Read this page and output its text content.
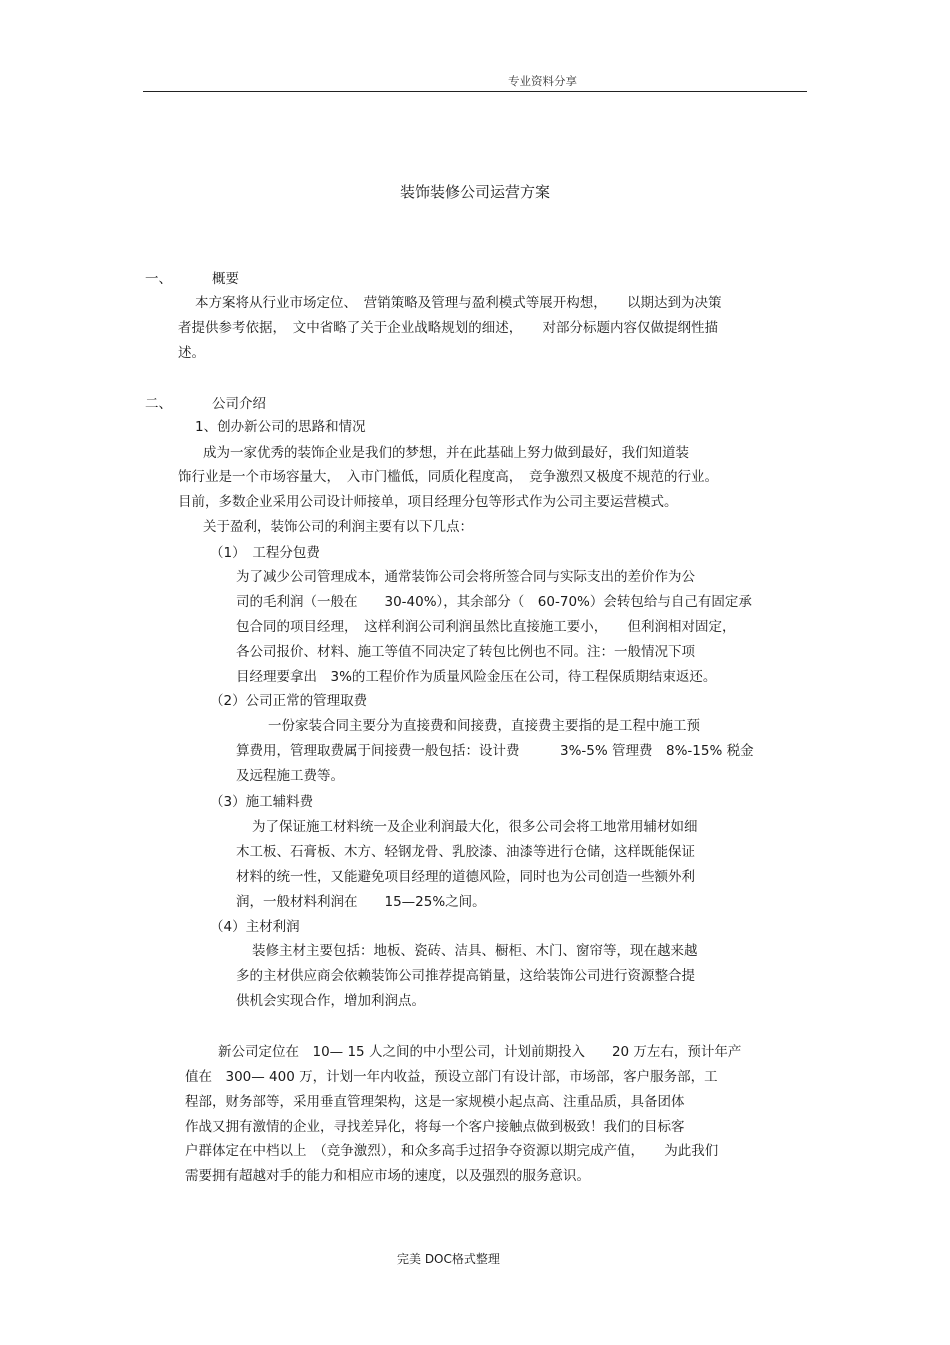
专业资料分享
装饰装修公司运营方案
一、	概要
本方案将从行业市场定位、　营销策略及管理与盈利模式等展开构想，　　以期达到为决策
者提供参考依据，　文中省略了关于企业战略规划的细述，　　对部分标题内容仅做提纲性描
述。
二、	公司介绍
1、创办新公司的思路和情况
成为一家优秀的装饰企业是我们的梦想，并在此基础上努力做到最好，我们知道装
饰行业是一个市场容量大，　入市门槛低，同质化程度高，　竞争激烈又极度不规范的行业。
目前，多数企业采用公司设计师接单，项目经理分包等形式作为公司主要运营模式。
关于盈利，装饰公司的利润主要有以下几点：
（1）　工程分包费
为了减少公司管理成本，通常装饰公司会将所签合同与实际支出的差价作为公
司的毛利润（一般在　　30-40%），其余部分（　60-70%）会转包给与自己有固定承
包合同的项目经理，　这样利润公司利润虽然比直接施工要小，　　但利润相对固定，
各公司报价、材料、施工等值不同决定了转包比例也不同。注：一般情况下项
目经理要拿出　3%的工程价作为质量风险金压在公司，待工程保质期结束返还。
（2）公司正常的管理取费
一份家装合同主要分为直接费和间接费，直接费主要指的是工程中施工预
算费用，管理取费属于间接费一般包括：设计费　　　3%-5% 管理费　8%-15% 税金
及远程施工费等。
（3）施工辅料费
为了保证施工材料统一及企业利润最大化，很多公司会将工地常用辅材如细
木工板、石膏板、木方、轻钢龙骨、乳胶漆、油漆等进行仓储，这样既能保证
材料的统一性，又能避免项目经理的道德风险，同时也为公司创造一些额外利
润，一般材料利润在　　15—25%之间。
（4）主材利润
装修主材主要包括：地板、瓷砖、洁具、橱柜、木门、窗帘等，现在越来越
多的主材供应商会依赖装饰公司推荐提高销量，这给装饰公司进行资源整合提
供机会实现合作，增加利润点。
新公司定位在　10— 15 人之间的中小型公司，计划前期投入　　20 万左右，预计年产
值在　300— 400 万，计划一年内收益，预设立部门有设计部，市场部，客户服务部，工
程部，财务部等，采用垂直管理架构，这是一家规模小起点高、注重品质，具备团体
作战又拥有激情的企业，寻找差异化，将每一个客户接触点做到极致！我们的目标客
户群体定在中档以上　（竞争激烈），和众多高手过招争夺资源以期完成产值，　　为此我们
需要拥有超越对手的能力和相应市场的速度，以及强烈的服务意识。
完美 DOC格式整理
